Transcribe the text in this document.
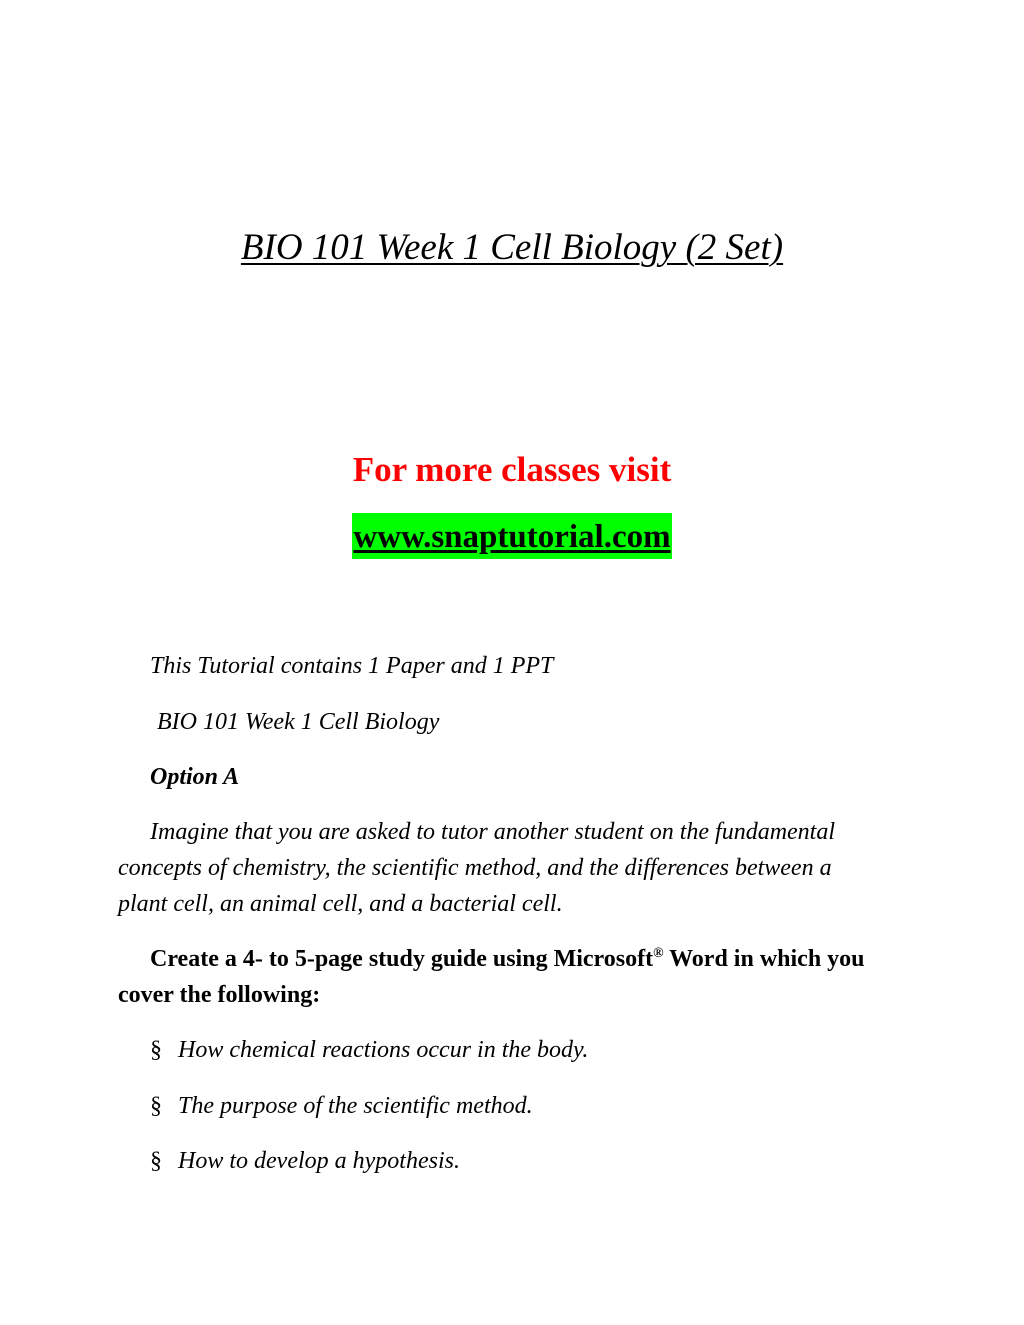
BIO 101 Week 1 Cell Biology (2 Set)
For more classes visit
www.snaptutorial.com
This Tutorial contains 1 Paper and 1 PPT
BIO 101 Week 1 Cell Biology
Option A
Imagine that you are asked to tutor another student on the fundamental concepts of chemistry, the scientific method, and the differences between a plant cell, an animal cell, and a bacterial cell.
Create a 4- to 5-page study guide using Microsoft® Word in which you cover the following:
§ How chemical reactions occur in the body.
§ The purpose of the scientific method.
§ How to develop a hypothesis.
